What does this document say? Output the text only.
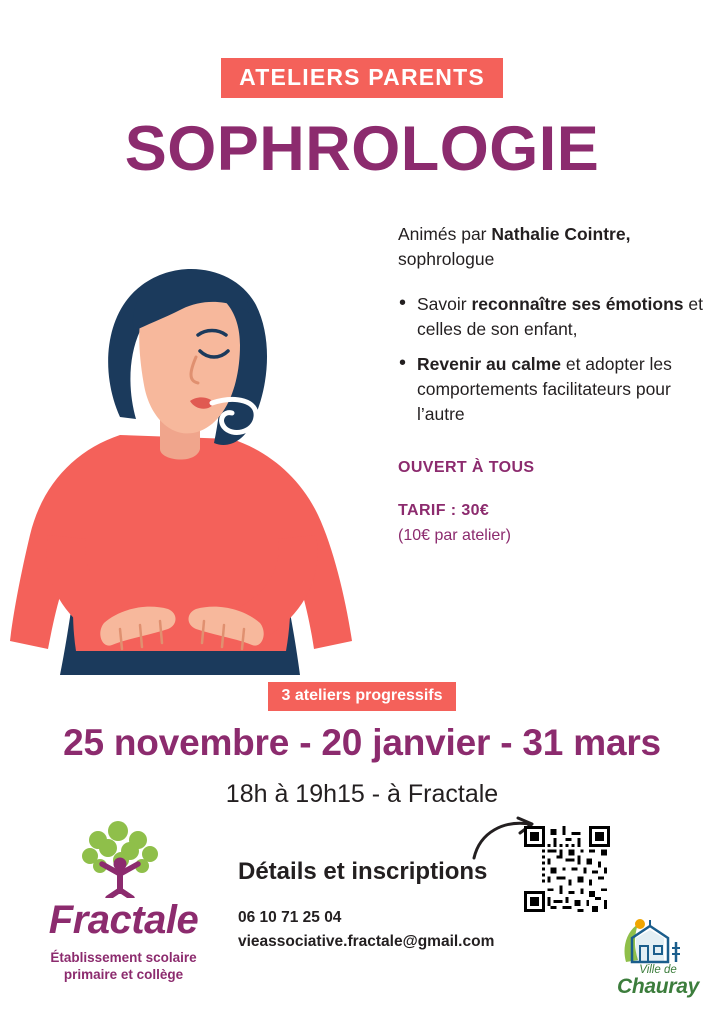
ATELIERS PARENTS
SOPHROLOGIE

Animés par Nathalie Cointre, sophrologue

• Savoir reconnaître ses émotions et celles de son enfant,
• Revenir au calme et adopter les comportements facilitateurs pour l’autre
OUVERT À TOUS
TARIF : 30€
(10€ par atelier)
3 ateliers progressifs
25 novembre - 20 janvier - 31 mars
18h à 19h15 - à Fractale
Fractale
Établissement scolaire
primaire et collège
Détails et inscriptions
06 10 71 25 04
vieassociative.fractale@gmail.com
Ville de
Chauray
